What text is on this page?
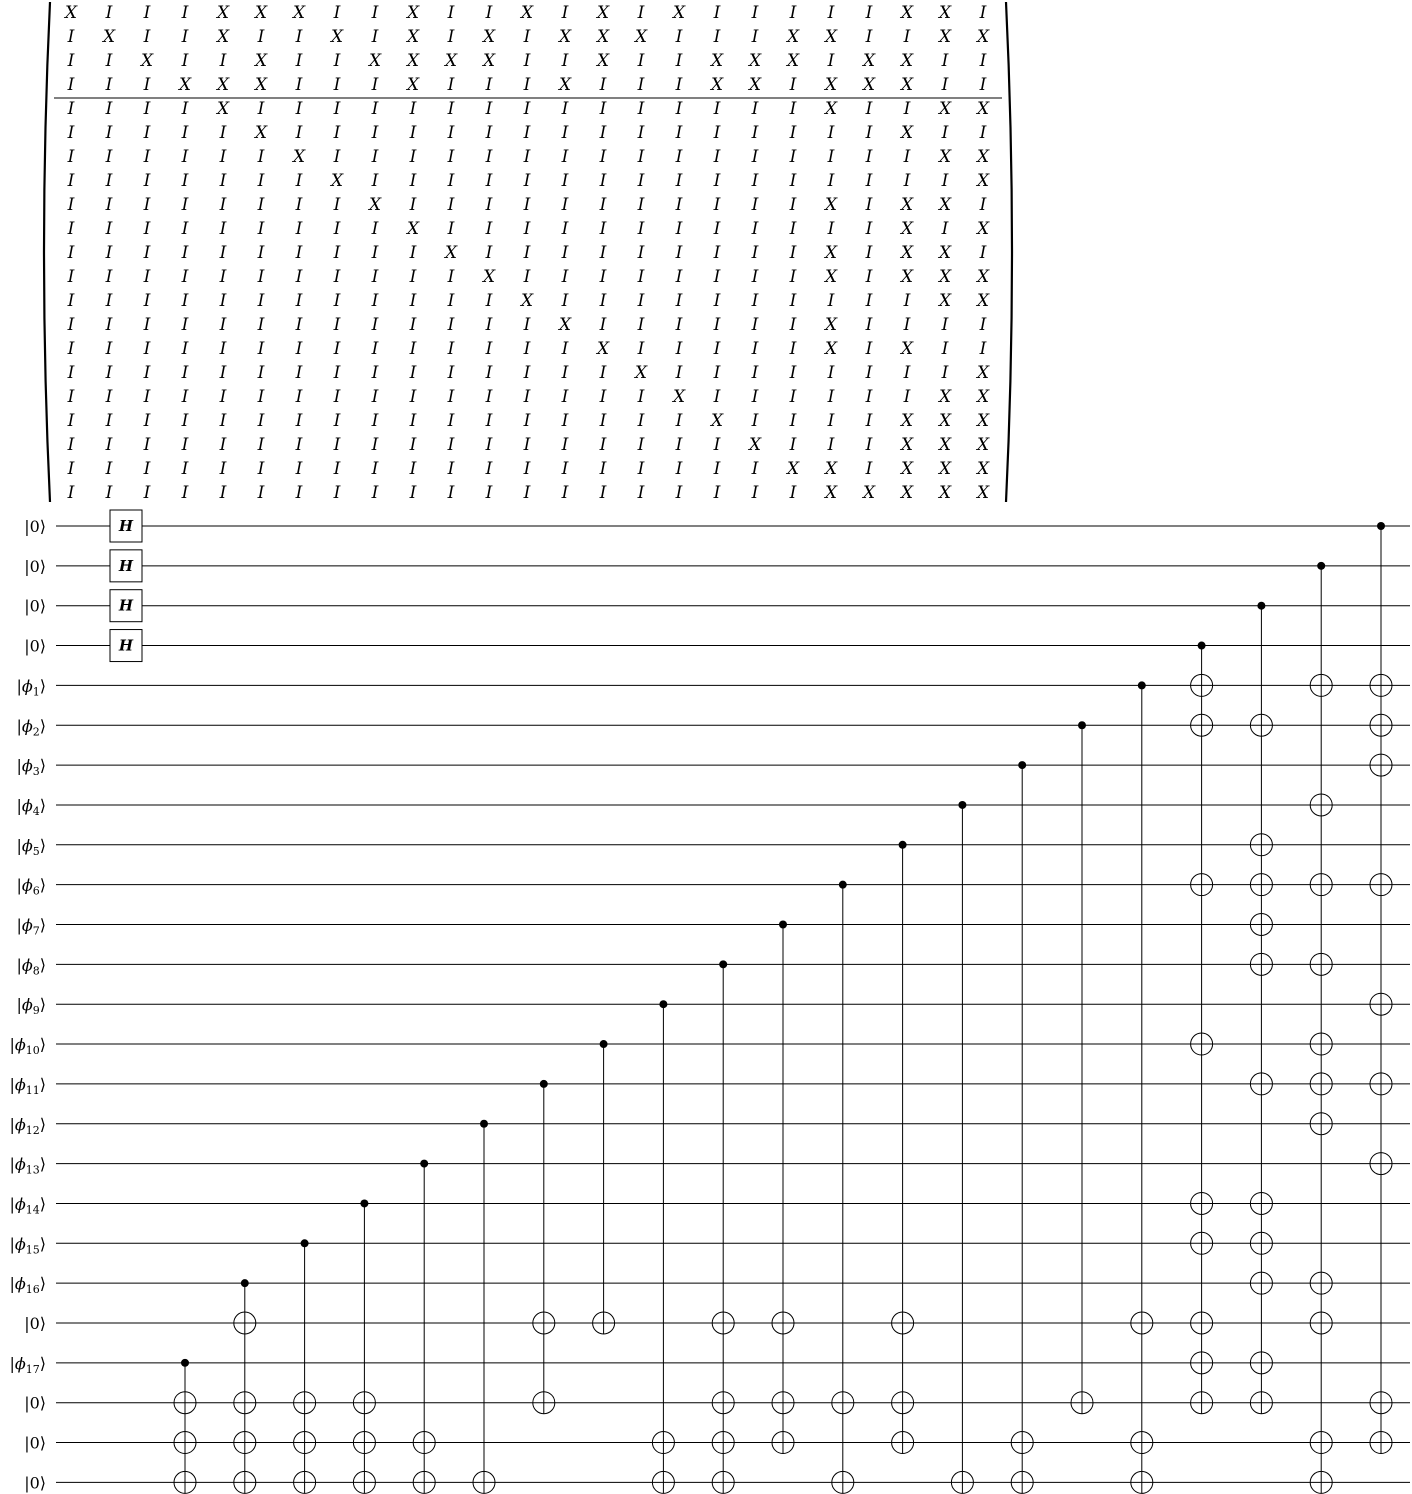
X I I I X X X I I X I I X I X I X I I I I I X X I
I X I I X I I X I X I X I X X X I I I X X I I X X
I I X I I X I I X X X X I I X I I X X X I X X I I
I I I X X X I I I X I I I X I I I X X I X X X I I
I I I I X I I I I I I I I I I I I I I I X I I X X
I I I I I X I I I I I I I I I I I I I I I I X I I
I I I I I I X I I I I I I I I I I I I I I I I X X
I I I I I I I X I I I I I I I I I I I I I I I I X
I I I I I I I I X I I I I I I I I I I I X I X X I
I I I I I I I I I X I I I I I I I I I I I I X I X
I I I I I I I I I I X I I I I I I I I I X I X X I
I I I I I I I I I I I X I I I I I I I I X I X X X
I I I I I I I I I I I I X I I I I I I I I I I X X
I I I I I I I I I I I I I X I I I I I I X I I I I
I I I I I I I I I I I I I I X I I I I I X I X I I
I I I I I I I I I I I I I I I X I I I I I I I I X
I I I I I I I I I I I I I I I I X I I I I I I X X
I I I I I I I I I I I I I I I I I X I I I I X X X
I I I I I I I I I I I I I I I I I I X I I I X X X
I I I I I I I I I I I I I I I I I I I X X I X X X
I I I I I I I I I I I I I I I I I I I I X X X X X
|0⟩
|0⟩
|0⟩
|0⟩
$|\phi_1⟩$
$|\phi_2⟩$
$|\phi_3⟩$
$|\phi_4⟩$
$|\phi_5⟩$
$|\phi_6⟩$
$|\phi_7⟩$
$|\phi_8⟩$
$|\phi_9⟩$
$|\phi_{10}⟩$
$|\phi_{11}⟩$
$|\phi_{12}⟩$
$|\phi_{13}⟩$
$|\phi_{14}⟩$
$|\phi_{15}⟩$
$|\phi_{16}⟩$
|0⟩
$|\phi_{17}⟩$
|0⟩
|0⟩
|0⟩
H
H
H
H
